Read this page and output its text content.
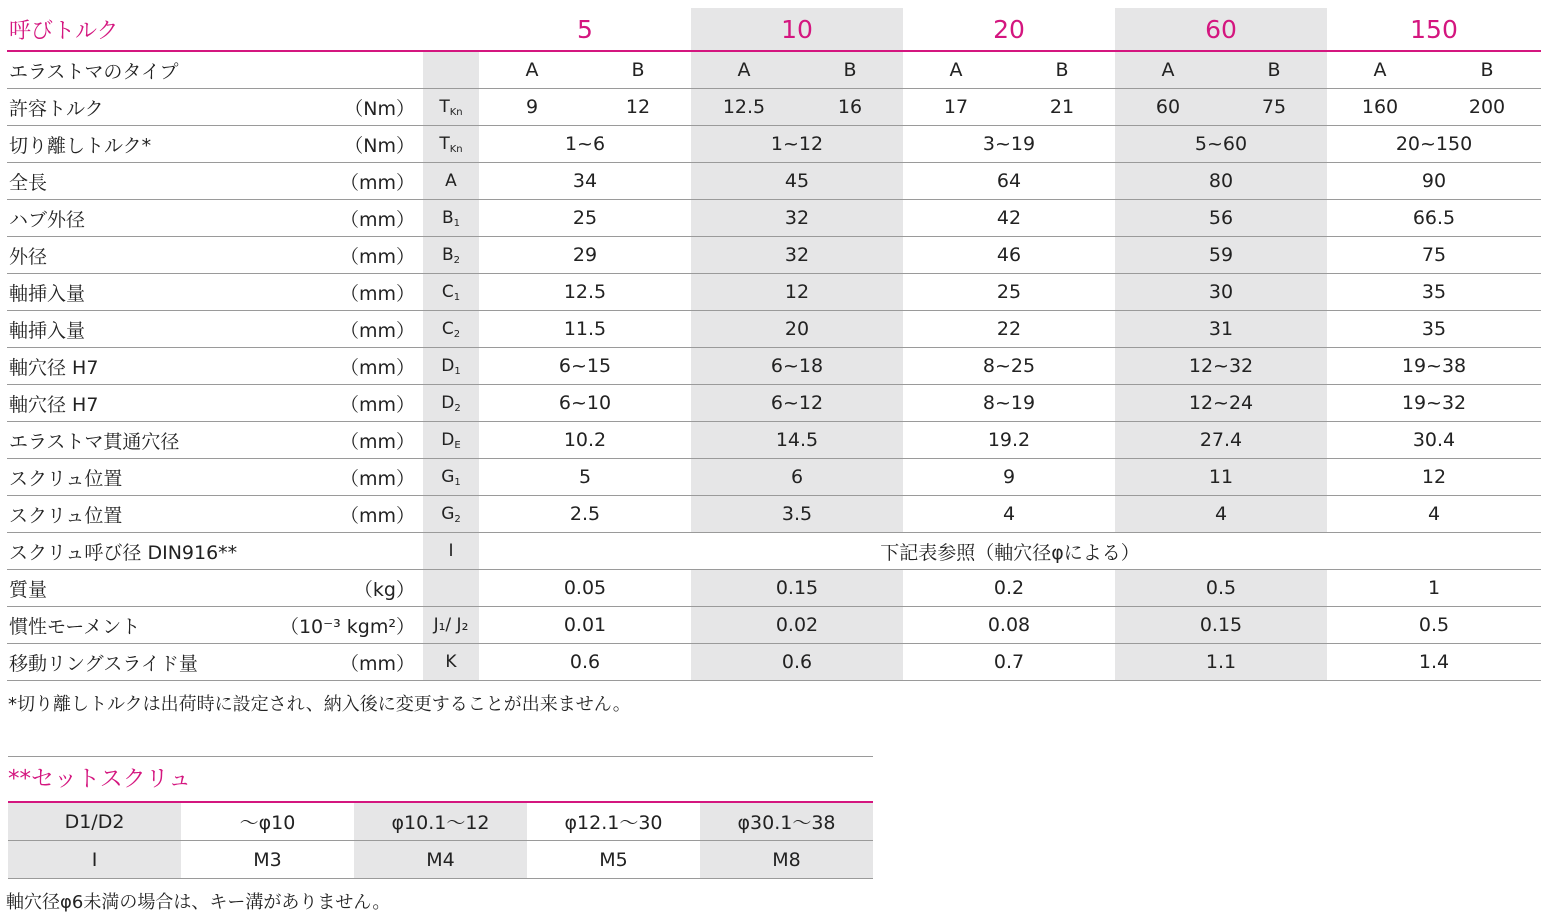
呼びトルク			5		10		20		60		150	
エラストマのタイプ			A	B	A	B	A	B	A	B	A	B
許容トルク	（Nm）	$T_{Kn}$	9	12	12.5	16	17	21	60	75	160	200
切り離しトルク*	（Nm）	$T_{Kn}$	1~6		1~12		3~19		5~60		20~150	
全長	（mm）	A	34		45		64		80		90	
ハブ外径	（mm）	$B_1$	25		32		42		56		66.5	
外径	（mm）	$B_2$	29		32		46		59		75	
軸挿入量	（mm）	$C_1$	12.5		12		25		30		35	
軸挿入量	（mm）	$C_2$	11.5		20		22		31		35	
軸穴径 H7	（mm）	$D_1$	6~15		6~18		8~25		12~32		19~38	
軸穴径 H7	（mm）	$D_2$	6~10		6~12		8~19		12~24		19~32	
エラストマ貫通穴径	（mm）	$D_E$	10.2		14.5		19.2		27.4		30.4	
スクリュ位置	（mm）	$G_1$	5		6		9		11		12	
スクリュ位置	（mm）	$G_2$	2.5		3.5		4		4		4	
スクリュ呼び径 DIN916**		I	下記表参照（軸穴径φによる）									
質量	（kg）		0.05		0.15		0.2		0.5		1	
慣性モーメント	（10⁻³ kgm²）	J₁/ J₂	0.01		0.02		0.08		0.15		0.5	
移動リングスライド量	（mm）	K	0.6		0.6		0.7		1.1		1.4	
*切り離しトルクは出荷時に設定され、納入後に変更することが出来ません。
**セットスクリュ
D1/D2	〜φ10	φ10.1〜12	φ12.1〜30	φ30.1〜38
I	M3	M4	M5	M8
軸穴径φ6未満の場合は、キー溝がありません。
